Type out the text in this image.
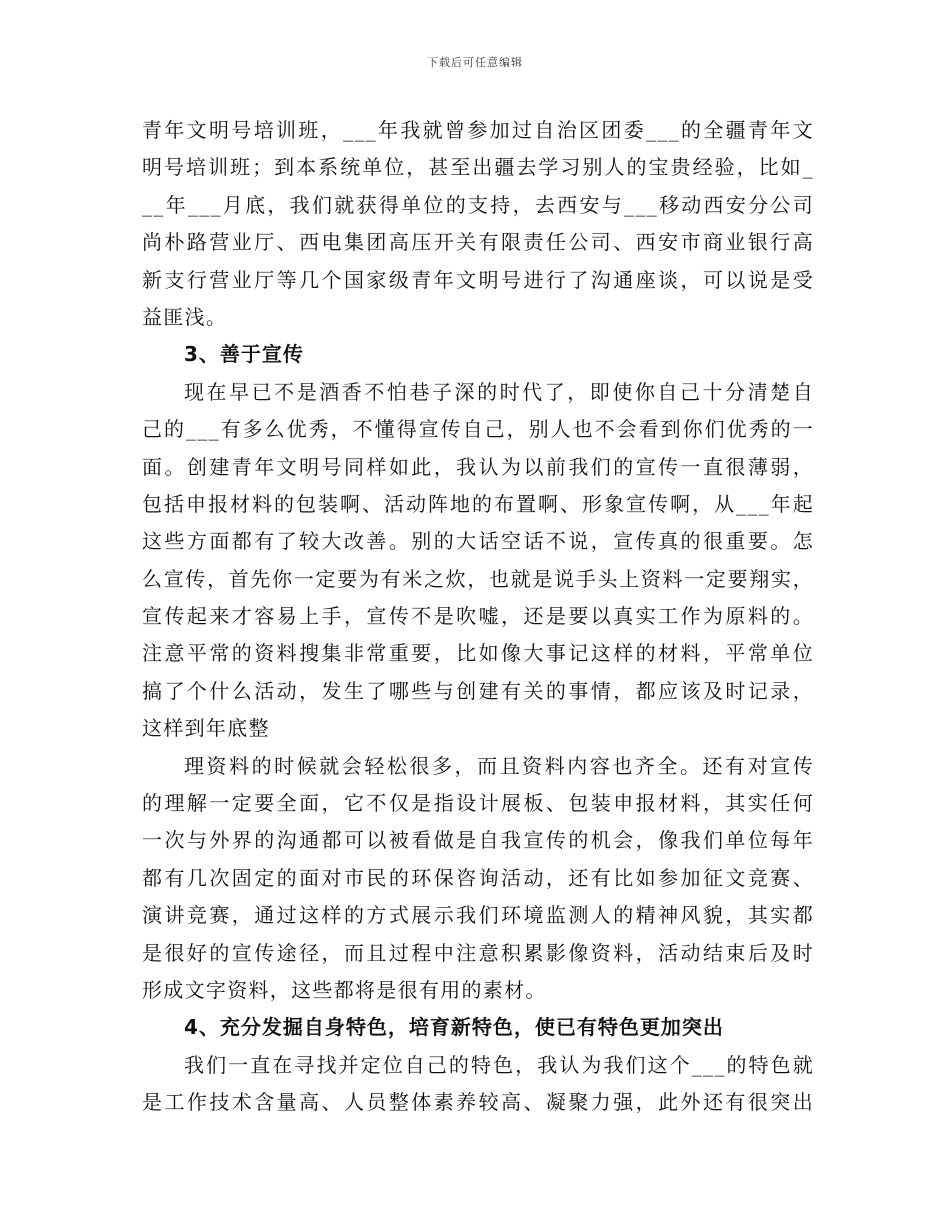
下载后可任意编辑
青年文明号培训班，___年我就曾参加过自治区团委___的全疆青年文
明号培训班；到本系统单位，甚至出疆去学习别人的宝贵经验，比如_
__年___月底，我们就获得单位的支持，去西安与___移动西安分公司
尚朴路营业厅、西电集团高压开关有限责任公司、西安市商业银行高
新支行营业厅等几个国家级青年文明号进行了沟通座谈，可以说是受
益匪浅。
3、善于宣传
现在早已不是酒香不怕巷子深的时代了，即使你自己十分清楚自
己的___有多么优秀，不懂得宣传自己，别人也不会看到你们优秀的一
面。创建青年文明号同样如此，我认为以前我们的宣传一直很薄弱，
包括申报材料的包装啊、活动阵地的布置啊、形象宣传啊，从___年起
这些方面都有了较大改善。别的大话空话不说，宣传真的很重要。怎
么宣传，首先你一定要为有米之炊，也就是说手头上资料一定要翔实，
宣传起来才容易上手，宣传不是吹嘘，还是要以真实工作为原料的。
注意平常的资料搜集非常重要，比如像大事记这样的材料，平常单位
搞了个什么活动，发生了哪些与创建有关的事情，都应该及时记录，
这样到年底整
理资料的时候就会轻松很多，而且资料内容也齐全。还有对宣传
的理解一定要全面，它不仅是指设计展板、包装申报材料，其实任何
一次与外界的沟通都可以被看做是自我宣传的机会，像我们单位每年
都有几次固定的面对市民的环保咨询活动，还有比如参加征文竞赛、
演讲竞赛，通过这样的方式展示我们环境监测人的精神风貌，其实都
是很好的宣传途径，而且过程中注意积累影像资料，活动结束后及时
形成文字资料，这些都将是很有用的素材。
4、充分发掘自身特色，培育新特色，使已有特色更加突出
我们一直在寻找并定位自己的特色，我认为我们这个___的特色就
是工作技术含量高、人员整体素养较高、凝聚力强，此外还有很突出
